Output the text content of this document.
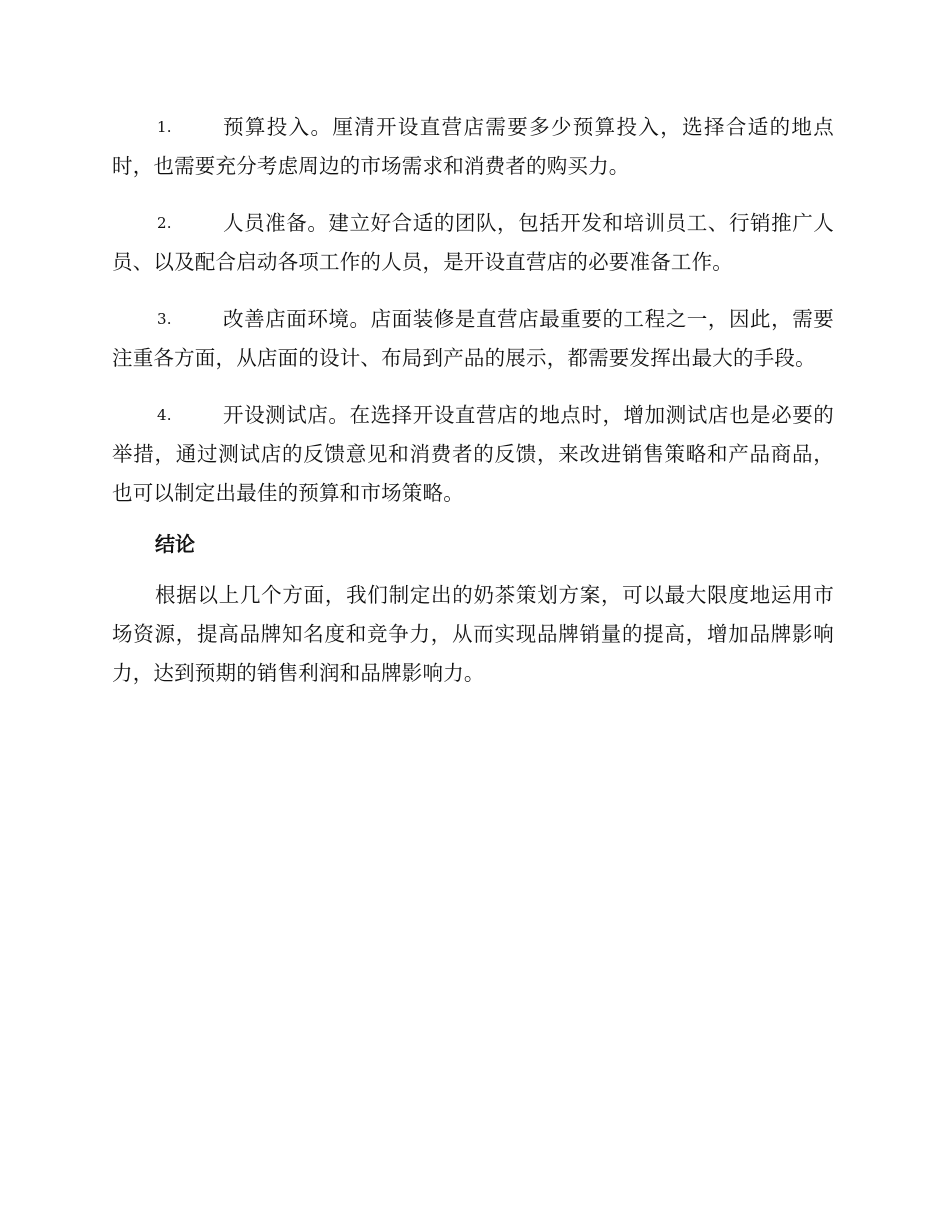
1.	预算投入。厘清开设直营店需要多少预算投入，选择合适的地点时，也需要充分考虑周边的市场需求和消费者的购买力。

2.	人员准备。建立好合适的团队，包括开发和培训员工、行销推广人员、以及配合启动各项工作的人员，是开设直营店的必要准备工作。

3.	改善店面环境。店面装修是直营店最重要的工程之一，因此，需要注重各方面，从店面的设计、布局到产品的展示，都需要发挥出最大的手段。

4.	开设测试店。在选择开设直营店的地点时，增加测试店也是必要的举措，通过测试店的反馈意见和消费者的反馈，来改进销售策略和产品商品，也可以制定出最佳的预算和市场策略。

结论

根据以上几个方面，我们制定出的奶茶策划方案，可以最大限度地运用市场资源，提高品牌知名度和竞争力，从而实现品牌销量的提高，增加品牌影响力，达到预期的销售利润和品牌影响力。
